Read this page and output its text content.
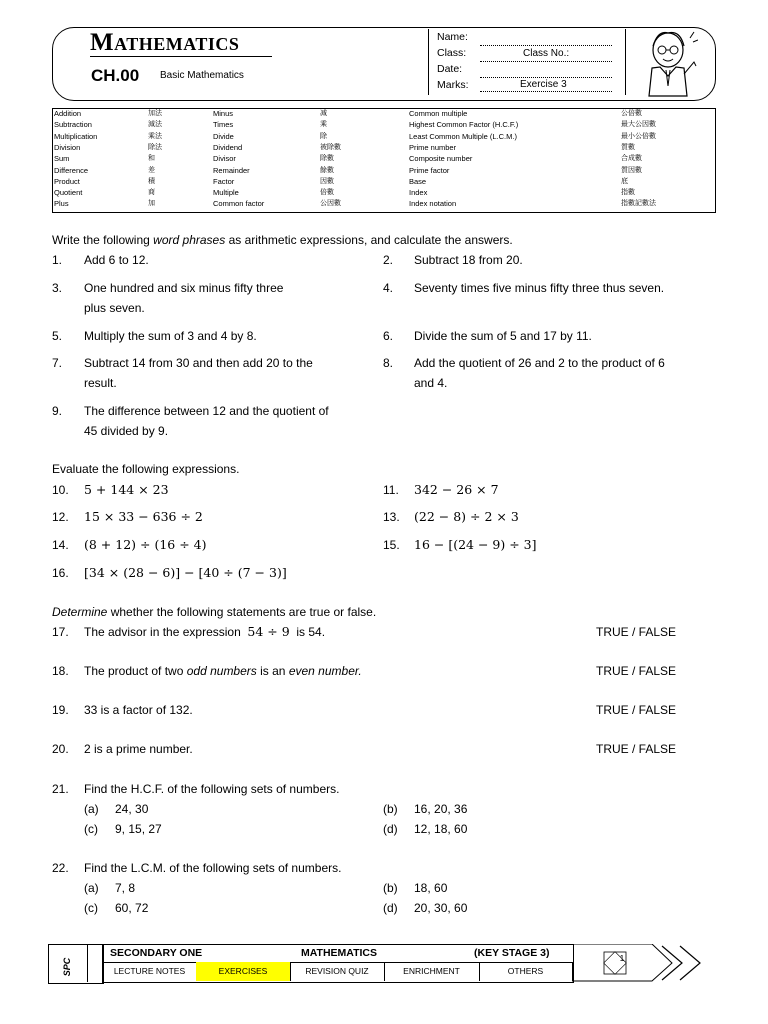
Mathematics
CH.00 Basic Mathematics
Name:
Class:	Class No.:
Date:
Marks:	Exercise 3
Addition	加法	Minus	减	Common multiple	公倍數
Subtraction	減法	Times	乘	Highest Common Factor (H.C.F.)	最大公因數
Multiplication	乘法	Divide	除	Least Common Multiple (L.C.M.)	最小公倍數
Division	除法	Dividend	被除數	Prime number	質數
Sum	和	Divisor	除數	Composite number	合成數
Difference	差	Remainder	餘數	Prime factor	質因數
Product	積	Factor	因數	Base	底
Quotient	商	Multiple	倍數	Index	指數
Plus	加	Common factor	公因數	Index notation	指數記數法
Write the following word phrases as arithmetic expressions, and calculate the answers.
1. Add 6 to 12.	2. Subtract 18 from 20.
3. One hundred and six minus fifty three
plus seven.
4. Seventy times five minus fifty three thus seven.
5. Multiply the sum of 3 and 4 by 8.	6. Divide the sum of 5 and 17 by 11.
7. Subtract 14 from 30 and then add 20 to the
result.
8. Add the quotient of 26 and 2 to the product of 6
and 4.
9. The difference between 12 and the quotient of
45 divided by 9.
Evaluate the following expressions.
10. 5 + 144 × 23	11. 342 − 26 × 7
12. 15 × 33 − 636 ÷ 2	13. (22 − 8) ÷ 2 × 3
14. (8 + 12) ÷ (16 ÷ 4)	15. 16 − [(24 − 9) ÷ 3]
16. [34 × (28 − 6)] − [40 ÷ (7 − 3)]
Determine whether the following statements are true or false.
17. The advisor in the expression 54 ÷ 9 is 54.	TRUE / FALSE
18. The product of two odd numbers is an even number.	TRUE / FALSE
19. 33 is a factor of 132.	TRUE / FALSE
20. 2 is a prime number.	TRUE / FALSE
21. Find the H.C.F. of the following sets of numbers.
(a) 24, 30	(b) 16, 20, 36
(c) 9, 15, 27	(d) 12, 18, 60
22. Find the L.C.M. of the following sets of numbers.
(a) 7, 8	(b) 18, 60
(c) 60, 72	(d) 20, 30, 60
SPC
SECONDARY ONE	MATHEMATICS	(KEY STAGE 3)
LECTURE NOTES	EXERCISES	REVISION QUIZ	ENRICHMENT	OTHERS
1
